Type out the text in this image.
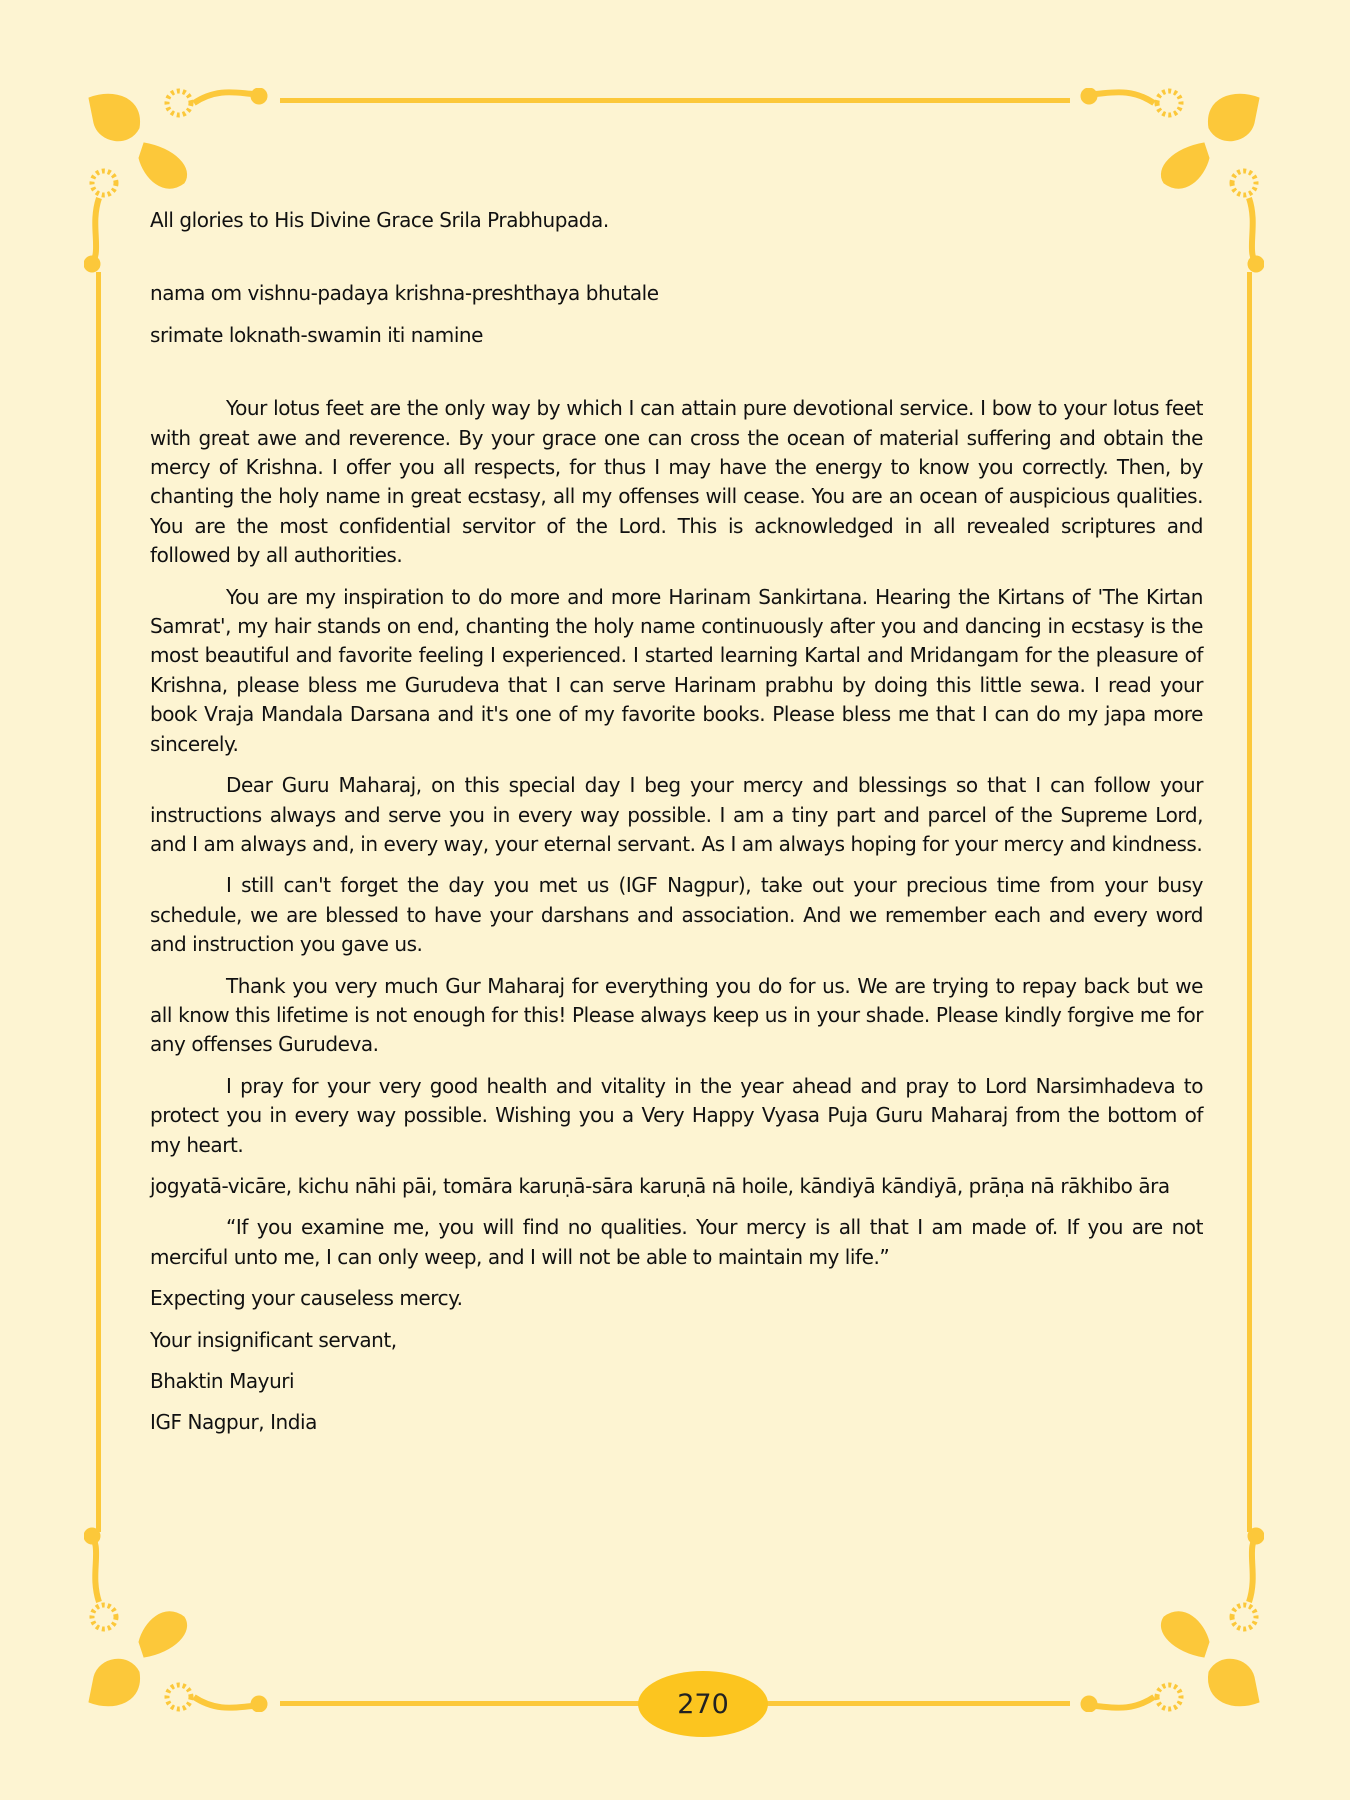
All glories to His Divine Grace Srila Prabhupada.

nama om vishnu-padaya krishna-preshthaya bhutale

srimate loknath-swamin iti namine

Your lotus feet are the only way by which I can attain pure devotional service. I bow to your lotus feet with great awe and reverence. By your grace one can cross the ocean of material suffering and obtain the mercy of Krishna. I offer you all respects, for thus I may have the energy to know you correctly. Then, by chanting the holy name in great ecstasy, all my offenses will cease. You are an ocean of auspicious qualities. You are the most confidential servitor of the Lord. This is acknowledged in all revealed scriptures and followed by all authorities.

You are my inspiration to do more and more Harinam Sankirtana. Hearing the Kirtans of 'The Kirtan Samrat', my hair stands on end, chanting the holy name continuously after you and dancing in ecstasy is the most beautiful and favorite feeling I experienced. I started learning Kartal and Mridangam for the pleasure of Krishna, please bless me Gurudeva that I can serve Harinam prabhu by doing this little sewa. I read your book Vraja Mandala Darsana and it's one of my favorite books. Please bless me that I can do my japa more sincerely.

Dear Guru Maharaj, on this special day I beg your mercy and blessings so that I can follow your instructions always and serve you in every way possible. I am a tiny part and parcel of the Supreme Lord, and I am always and, in every way, your eternal servant. As I am always hoping for your mercy and kindness.

I still can't forget the day you met us (IGF Nagpur), take out your precious time from your busy schedule, we are blessed to have your darshans and association. And we remember each and every word and instruction you gave us.

Thank you very much Gur Maharaj for everything you do for us. We are trying to repay back but we all know this lifetime is not enough for this! Please always keep us in your shade. Please kindly forgive me for any offenses Gurudeva.

I pray for your very good health and vitality in the year ahead and pray to Lord Narsimhadeva to protect you in every way possible. Wishing you a Very Happy Vyasa Puja Guru Maharaj from the bottom of my heart.

jogyatā-vicāre, kichu nāhi pāi, tomāra karuṇā-sāra karuṇā nā hoile, kāndiyā kāndiyā, prāṇa nā rākhibo āra

“If you examine me, you will find no qualities. Your mercy is all that I am made of. If you are not merciful unto me, I can only weep, and I will not be able to maintain my life.”

Expecting your causeless mercy.

Your insignificant servant,

Bhaktin Mayuri

IGF Nagpur, India

270
